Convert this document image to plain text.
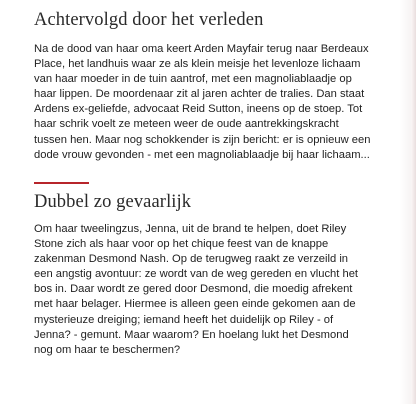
Achtervolgd door het verleden
Na de dood van haar oma keert Arden Mayfair terug naar Berdeaux
Place, het landhuis waar ze als klein meisje het levenloze lichaam
van haar moeder in de tuin aantrof, met een magnoliablaadje op
haar lippen. De moordenaar zit al jaren achter de tralies. Dan staat
Ardens ex-geliefde, advocaat Reid Sutton, ineens op de stoep. Tot
haar schrik voelt ze meteen weer de oude aantrekkingskracht
tussen hen. Maar nog schokkender is zijn bericht: er is opnieuw een
dode vrouw gevonden - met een magnoliablaadje bij haar lichaam...
Dubbel zo gevaarlijk
Om haar tweelingzus, Jenna, uit de brand te helpen, doet Riley
Stone zich als haar voor op het chique feest van de knappe
zakenman Desmond Nash. Op de terugweg raakt ze verzeild in
een angstig avontuur: ze wordt van de weg gereden en vlucht het
bos in. Daar wordt ze gered door Desmond, die moedig afrekent
met haar belager. Hiermee is alleen geen einde gekomen aan de
mysterieuze dreiging; iemand heeft het duidelijk op Riley - of
Jenna? - gemunt. Maar waarom? En hoelang lukt het Desmond
nog om haar te beschermen?
